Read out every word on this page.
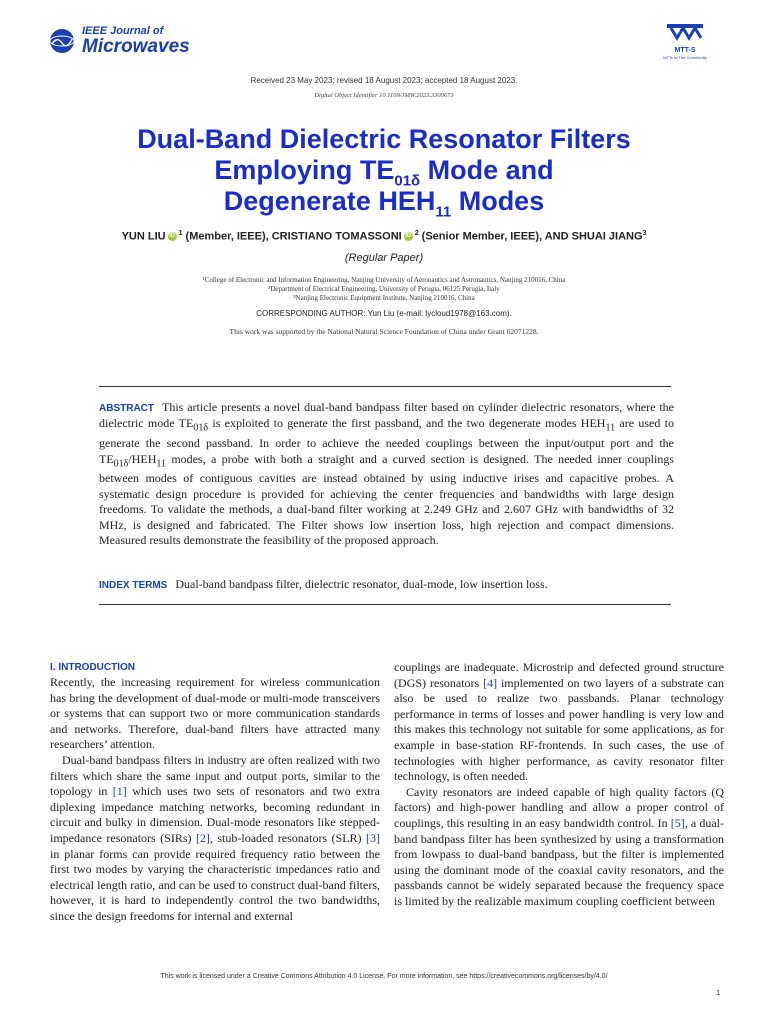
IEEE Journal of
Microwaves	MTT-S
MTTs to The Community
Received 23 May 2023; revised 18 August 2023; accepted 18 August 2023.
Digital Object Identifier 10.1109/JMW.2023.3309673
Dual-Band Dielectric Resonator Filters
Employing $TE_{01\delta}$ Mode and
Degenerate $HEH_{11}$ Modes
YUN LIU iD $^1$ (Member, IEEE), CRISTIANO TOMASSONI iD $^2$ (Senior Member, IEEE), AND SHUAI JIANG$^3$
(Regular Paper)
¹College of Electronic and Information Engineering, Nanjing University of Aeronautics and Astronautics, Nanjing 210016, China
²Department of Electrical Engineering, University of Perugia, 06125 Perugia, Italy
³Nanjing Electronic Equipment Institute, Nanjing 210016, China
CORRESPONDING AUTHOR: Yun Liu (e-mail: lycloud1978@163.com).
This work was supported by the National Natural Science Foundation of China under Grant 62071228.
ABSTRACT This article presents a novel dual-band bandpass filter based on cylinder dielectric resonators, where the dielectric mode $TE_{01\delta}$ is exploited to generate the first passband, and the two degenerate modes $HEH_{11}$ are used to generate the second passband. In order to achieve the needed couplings between the input/output port and the $TE_{01\delta}/HEH_{11}$ modes, a probe with both a straight and a curved section is designed. The needed inner couplings between modes of contiguous cavities are instead obtained by using inductive irises and capacitive probes. A systematic design procedure is provided for achieving the center frequencies and bandwidths with large design freedoms. To validate the methods, a dual-band filter working at 2.249 GHz and 2.607 GHz with bandwidths of 32 MHz, is designed and fabricated. The Filter shows low insertion loss, high rejection and compact dimensions. Measured results demonstrate the feasibility of the proposed approach.
INDEX TERMS Dual-band bandpass filter, dielectric resonator, dual-mode, low insertion loss.
I. INTRODUCTION

Recently, the increasing requirement for wireless communication has bring the development of dual-mode or multi-mode transceivers or systems that can support two or more communication standards and networks. Therefore, dual-band filters have attracted many researchers’ attention.

Dual-band bandpass filters in industry are often realized with two filters which share the same input and output ports, similar to the topology in [1] which uses two sets of resonators and two extra diplexing impedance matching networks, becoming redundant in circuit and bulky in dimension. Dual-mode resonators like stepped-impedance resonators (SIRs) [2], stub-loaded resonators (SLR) [3] in planar forms can provide required frequency ratio between the first two modes by varying the characteristic impedances ratio and electrical length ratio, and can be used to construct dual-band filters, however, it is hard to independently control the two bandwidths, since the design freedoms for internal and external

couplings are inadequate. Microstrip and defected ground structure (DGS) resonators [4] implemented on two layers of a substrate can also be used to realize two passbands. Planar technology performance in terms of losses and power handling is very low and this makes this technology not suitable for some applications, as for example in base-station RF-frontends. In such cases, the use of technologies with higher performance, as cavity resonator filter technology, is often needed.

Cavity resonators are indeed capable of high quality factors (Q factors) and high-power handling and allow a proper control of couplings, this resulting in an easy bandwidth control. In [5], a dual-band bandpass filter has been synthesized by using a transformation from lowpass to dual-band bandpass, but the filter is implemented using the dominant mode of the coaxial cavity resonators, and the passbands cannot be widely separated because the frequency space is limited by the realizable maximum coupling coefficient between

This work is licensed under a Creative Commons Attribution 4.0 License. For more information, see https://creativecommons.org/licenses/by/4.0/
1
